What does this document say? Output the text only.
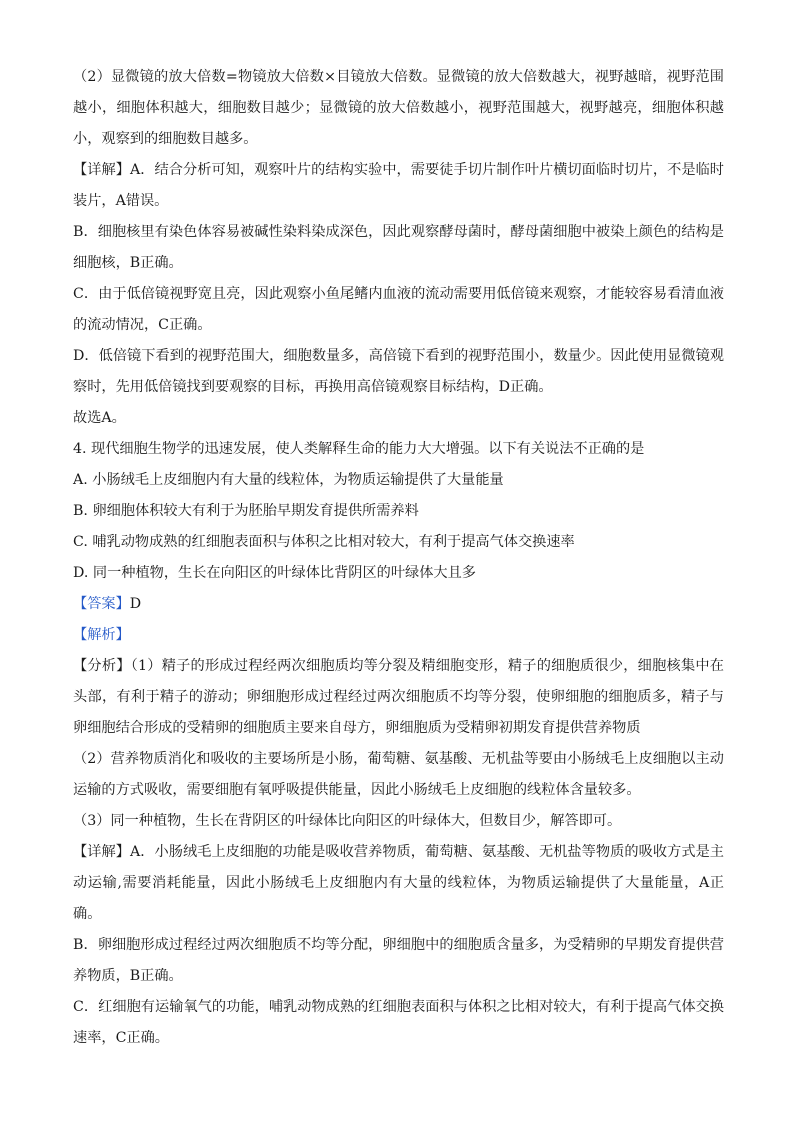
（2）显微镜的放大倍数=物镜放大倍数×目镜放大倍数。显微镜的放大倍数越大，视野越暗，视野范围越小，细胞体积越大，细胞数目越少；显微镜的放大倍数越小，视野范围越大，视野越亮，细胞体积越小，观察到的细胞数目越多。

【详解】A．结合分析可知，观察叶片的结构实验中，需要徒手切片制作叶片横切面临时切片，不是临时装片，A错误。

B．细胞核里有染色体容易被碱性染料染成深色，因此观察酵母菌时，酵母菌细胞中被染上颜色的结构是细胞核，B正确。

C．由于低倍镜视野宽且亮，因此观察小鱼尾鳍内血液的流动需要用低倍镜来观察，才能较容易看清血液的流动情况，C正确。

D．低倍镜下看到的视野范围大，细胞数量多，高倍镜下看到的视野范围小，数量少。因此使用显微镜观察时，先用低倍镜找到要观察的目标，再换用高倍镜观察目标结构，D正确。

故选A。

4. 现代细胞生物学的迅速发展，使人类解释生命的能力大大增强。以下有关说法不正确的是

A. 小肠绒毛上皮细胞内有大量的线粒体，为物质运输提供了大量能量

B. 卵细胞体积较大有利于为胚胎早期发育提供所需养料

C. 哺乳动物成熟的红细胞表面积与体积之比相对较大，有利于提高气体交换速率

D. 同一种植物，生长在向阳区的叶绿体比背阴区的叶绿体大且多

【答案】D

【解析】

【分析】（1）精子的形成过程经两次细胞质均等分裂及精细胞变形，精子的细胞质很少，细胞核集中在头部，有利于精子的游动；卵细胞形成过程经过两次细胞质不均等分裂，使卵细胞的细胞质多，精子与卵细胞结合形成的受精卵的细胞质主要来自母方，卵细胞质为受精卵初期发育提供营养物质

（2）营养物质消化和吸收的主要场所是小肠，葡萄糖、氨基酸、无机盐等要由小肠绒毛上皮细胞以主动运输的方式吸收，需要细胞有氧呼吸提供能量，因此小肠绒毛上皮细胞的线粒体含量较多。

（3）同一种植物，生长在背阴区的叶绿体比向阳区的叶绿体大，但数目少，解答即可。

【详解】A．小肠绒毛上皮细胞的功能是吸收营养物质，葡萄糖、氨基酸、无机盐等物质的吸收方式是主动运输,需要消耗能量，因此小肠绒毛上皮细胞内有大量的线粒体，为物质运输提供了大量能量，A正确。

B．卵细胞形成过程经过两次细胞质不均等分配，卵细胞中的细胞质含量多，为受精卵的早期发育提供营养物质，B正确。

C．红细胞有运输氧气的功能，哺乳动物成熟的红细胞表面积与体积之比相对较大，有利于提高气体交换速率，C正确。
